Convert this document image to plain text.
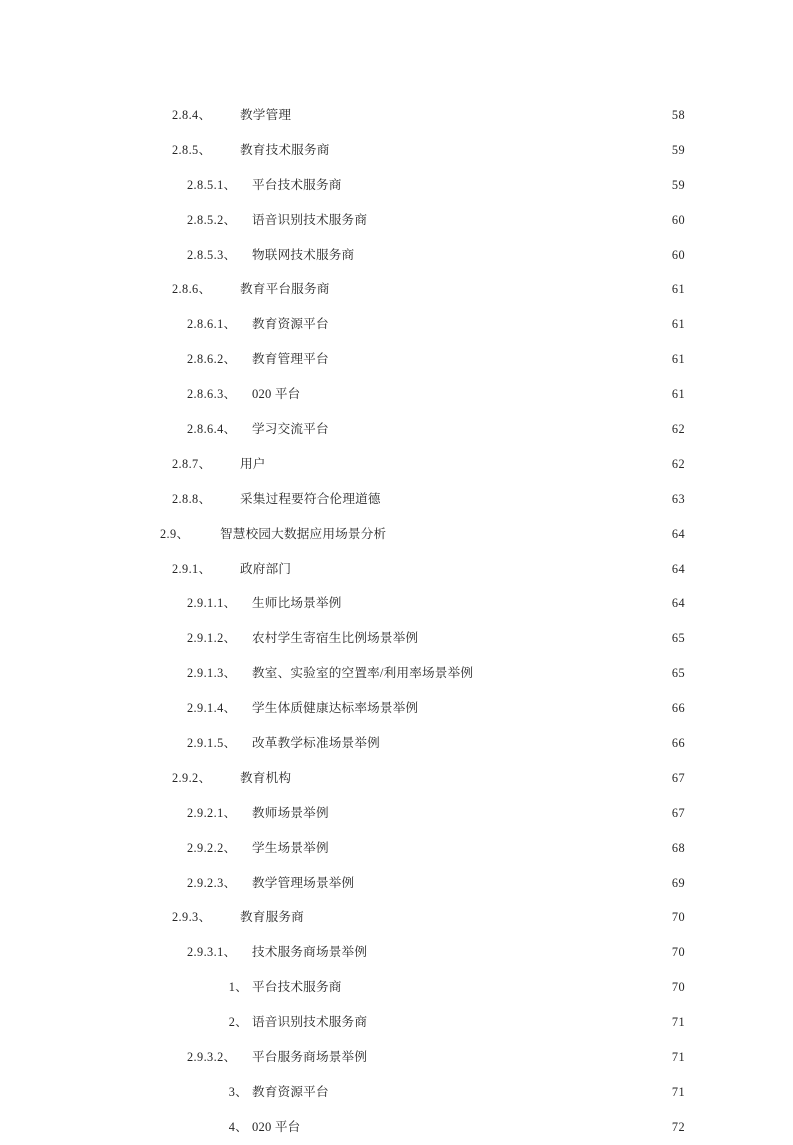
2.8.4、	教学管理 . . .	58
2.8.5、	教育技术服务商 . . .	59
2.8.5.1、	平台技术服务商 . . .	59
2.8.5.2、	语音识别技术服务商 . . .	60
2.8.5.3、	物联网技术服务商 . . .	60
2.8.6、	教育平台服务商 . . .	61
2.8.6.1、	教育资源平台 . . .	61
2.8.6.2、	教育管理平台 . . .	61
2.8.6.3、	020 平台 . . .	61
2.8.6.4、	学习交流平台 . . .	62
2.8.7、	用户 . . .	62
2.8.8、	采集过程要符合伦理道德 . . .	63
2.9、	智慧校园大数据应用场景分析 . . .	64
2.9.1、	政府部门 . . .	64
2.9.1.1、	生师比场景举例 . . .	64
2.9.1.2、	农村学生寄宿生比例场景举例 . . .	65
2.9.1.3、	教室、实验室的空置率/利用率场景举例 . . .	65
2.9.1.4、	学生体质健康达标率场景举例 . . .	66
2.9.1.5、	改革教学标准场景举例 . . .	66
2.9.2、	教育机构 . . .	67
2.9.2.1、	教师场景举例 . . .	67
2.9.2.2、	学生场景举例 . . .	68
2.9.2.3、	教学管理场景举例 . . .	69
2.9.3、	教育服务商 . . .	70
2.9.3.1、	技术服务商场景举例 . . .	70
1、 平台技术服务商 . . .	70
2、 语音识别技术服务商 . . .	71
2.9.3.2、	平台服务商场景举例 . . .	71
3、 教育资源平台 . . .	71
4、 020 平台 . . .	72
